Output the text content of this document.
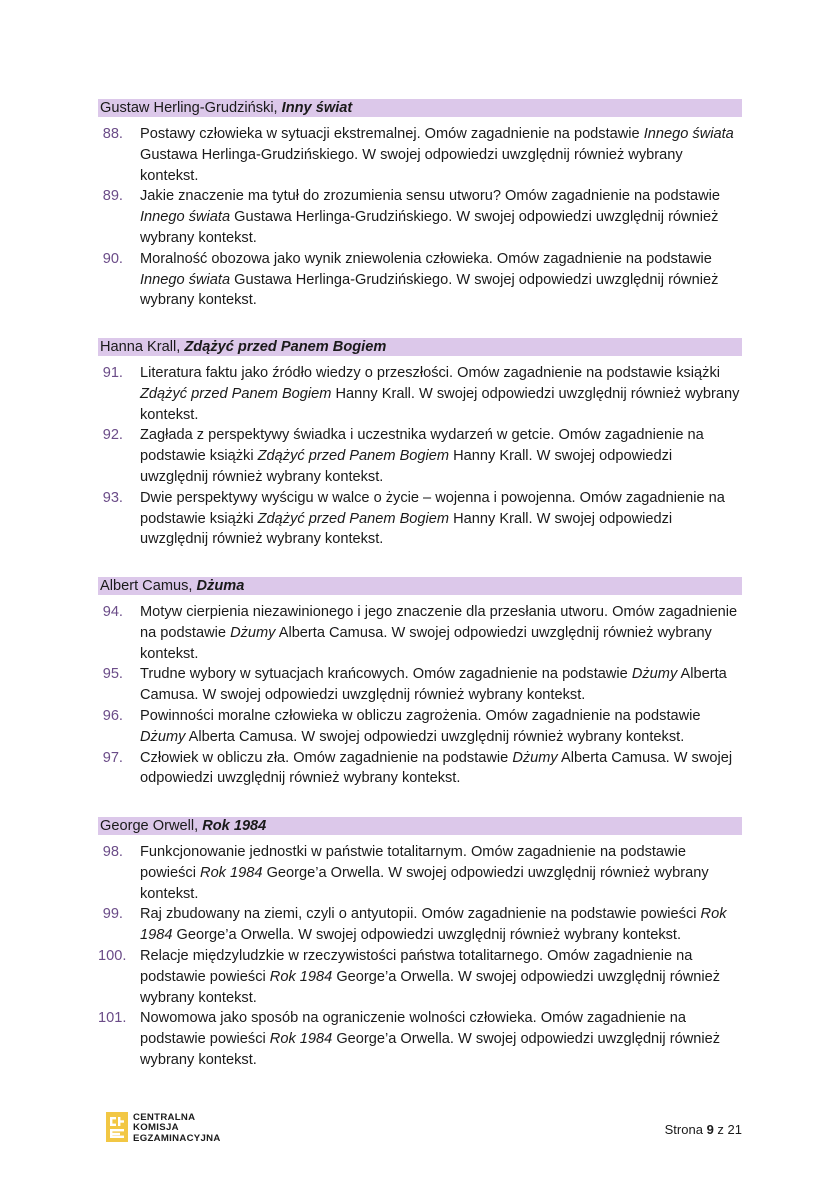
Gustaw Herling-Grudziński, Inny świat
88. Postawy człowieka w sytuacji ekstremalnej. Omów zagadnienie na podstawie Innego świata Gustawa Herlinga-Grudzińskiego. W swojej odpowiedzi uwzględnij również wybrany kontekst.
89. Jakie znaczenie ma tytuł do zrozumienia sensu utworu? Omów zagadnienie na podstawie Innego świata Gustawa Herlinga-Grudzińskiego. W swojej odpowiedzi uwzględnij również wybrany kontekst.
90. Moralność obozowa jako wynik zniewolenia człowieka. Omów zagadnienie na podstawie Innego świata Gustawa Herlinga-Grudzińskiego. W swojej odpowiedzi uwzględnij również wybrany kontekst.
Hanna Krall, Zdążyć przed Panem Bogiem
91. Literatura faktu jako źródło wiedzy o przeszłości. Omów zagadnienie na podstawie książki Zdążyć przed Panem Bogiem Hanny Krall. W swojej odpowiedzi uwzględnij również wybrany kontekst.
92. Zagłada z perspektywy świadka i uczestnika wydarzeń w getcie. Omów zagadnienie na podstawie książki Zdążyć przed Panem Bogiem Hanny Krall. W swojej odpowiedzi uwzględnij również wybrany kontekst.
93. Dwie perspektywy wyścigu w walce o życie – wojenna i powojenna. Omów zagadnienie na podstawie książki Zdążyć przed Panem Bogiem Hanny Krall. W swojej odpowiedzi uwzględnij również wybrany kontekst.
Albert Camus, Dżuma
94. Motyw cierpienia niezawinionego i jego znaczenie dla przesłania utworu. Omów zagadnienie na podstawie Dżumy Alberta Camusa. W swojej odpowiedzi uwzględnij również wybrany kontekst.
95. Trudne wybory w sytuacjach krańcowych. Omów zagadnienie na podstawie Dżumy Alberta Camusa. W swojej odpowiedzi uwzględnij również wybrany kontekst.
96. Powinności moralne człowieka w obliczu zagrożenia. Omów zagadnienie na podstawie Dżumy Alberta Camusa. W swojej odpowiedzi uwzględnij również wybrany kontekst.
97. Człowiek w obliczu zła. Omów zagadnienie na podstawie Dżumy Alberta Camusa. W swojej odpowiedzi uwzględnij również wybrany kontekst.
George Orwell, Rok 1984
98. Funkcjonowanie jednostki w państwie totalitarnym. Omów zagadnienie na podstawie powieści Rok 1984 George’a Orwella. W swojej odpowiedzi uwzględnij również wybrany kontekst.
99. Raj zbudowany na ziemi, czyli o antyutopii. Omów zagadnienie na podstawie powieści Rok 1984 George’a Orwella. W swojej odpowiedzi uwzględnij również wybrany kontekst.
100. Relacje międzyludzkie w rzeczywistości państwa totalitarnego. Omów zagadnienie na podstawie powieści Rok 1984 George’a Orwella. W swojej odpowiedzi uwzględnij również wybrany kontekst.
101. Nowomowa jako sposób na ograniczenie wolności człowieka. Omów zagadnienie na podstawie powieści Rok 1984 George’a Orwella. W swojej odpowiedzi uwzględnij również wybrany kontekst.
CENTRALNA
KOMISJA
EGZAMINACYJNA
Strona 9 z 21
